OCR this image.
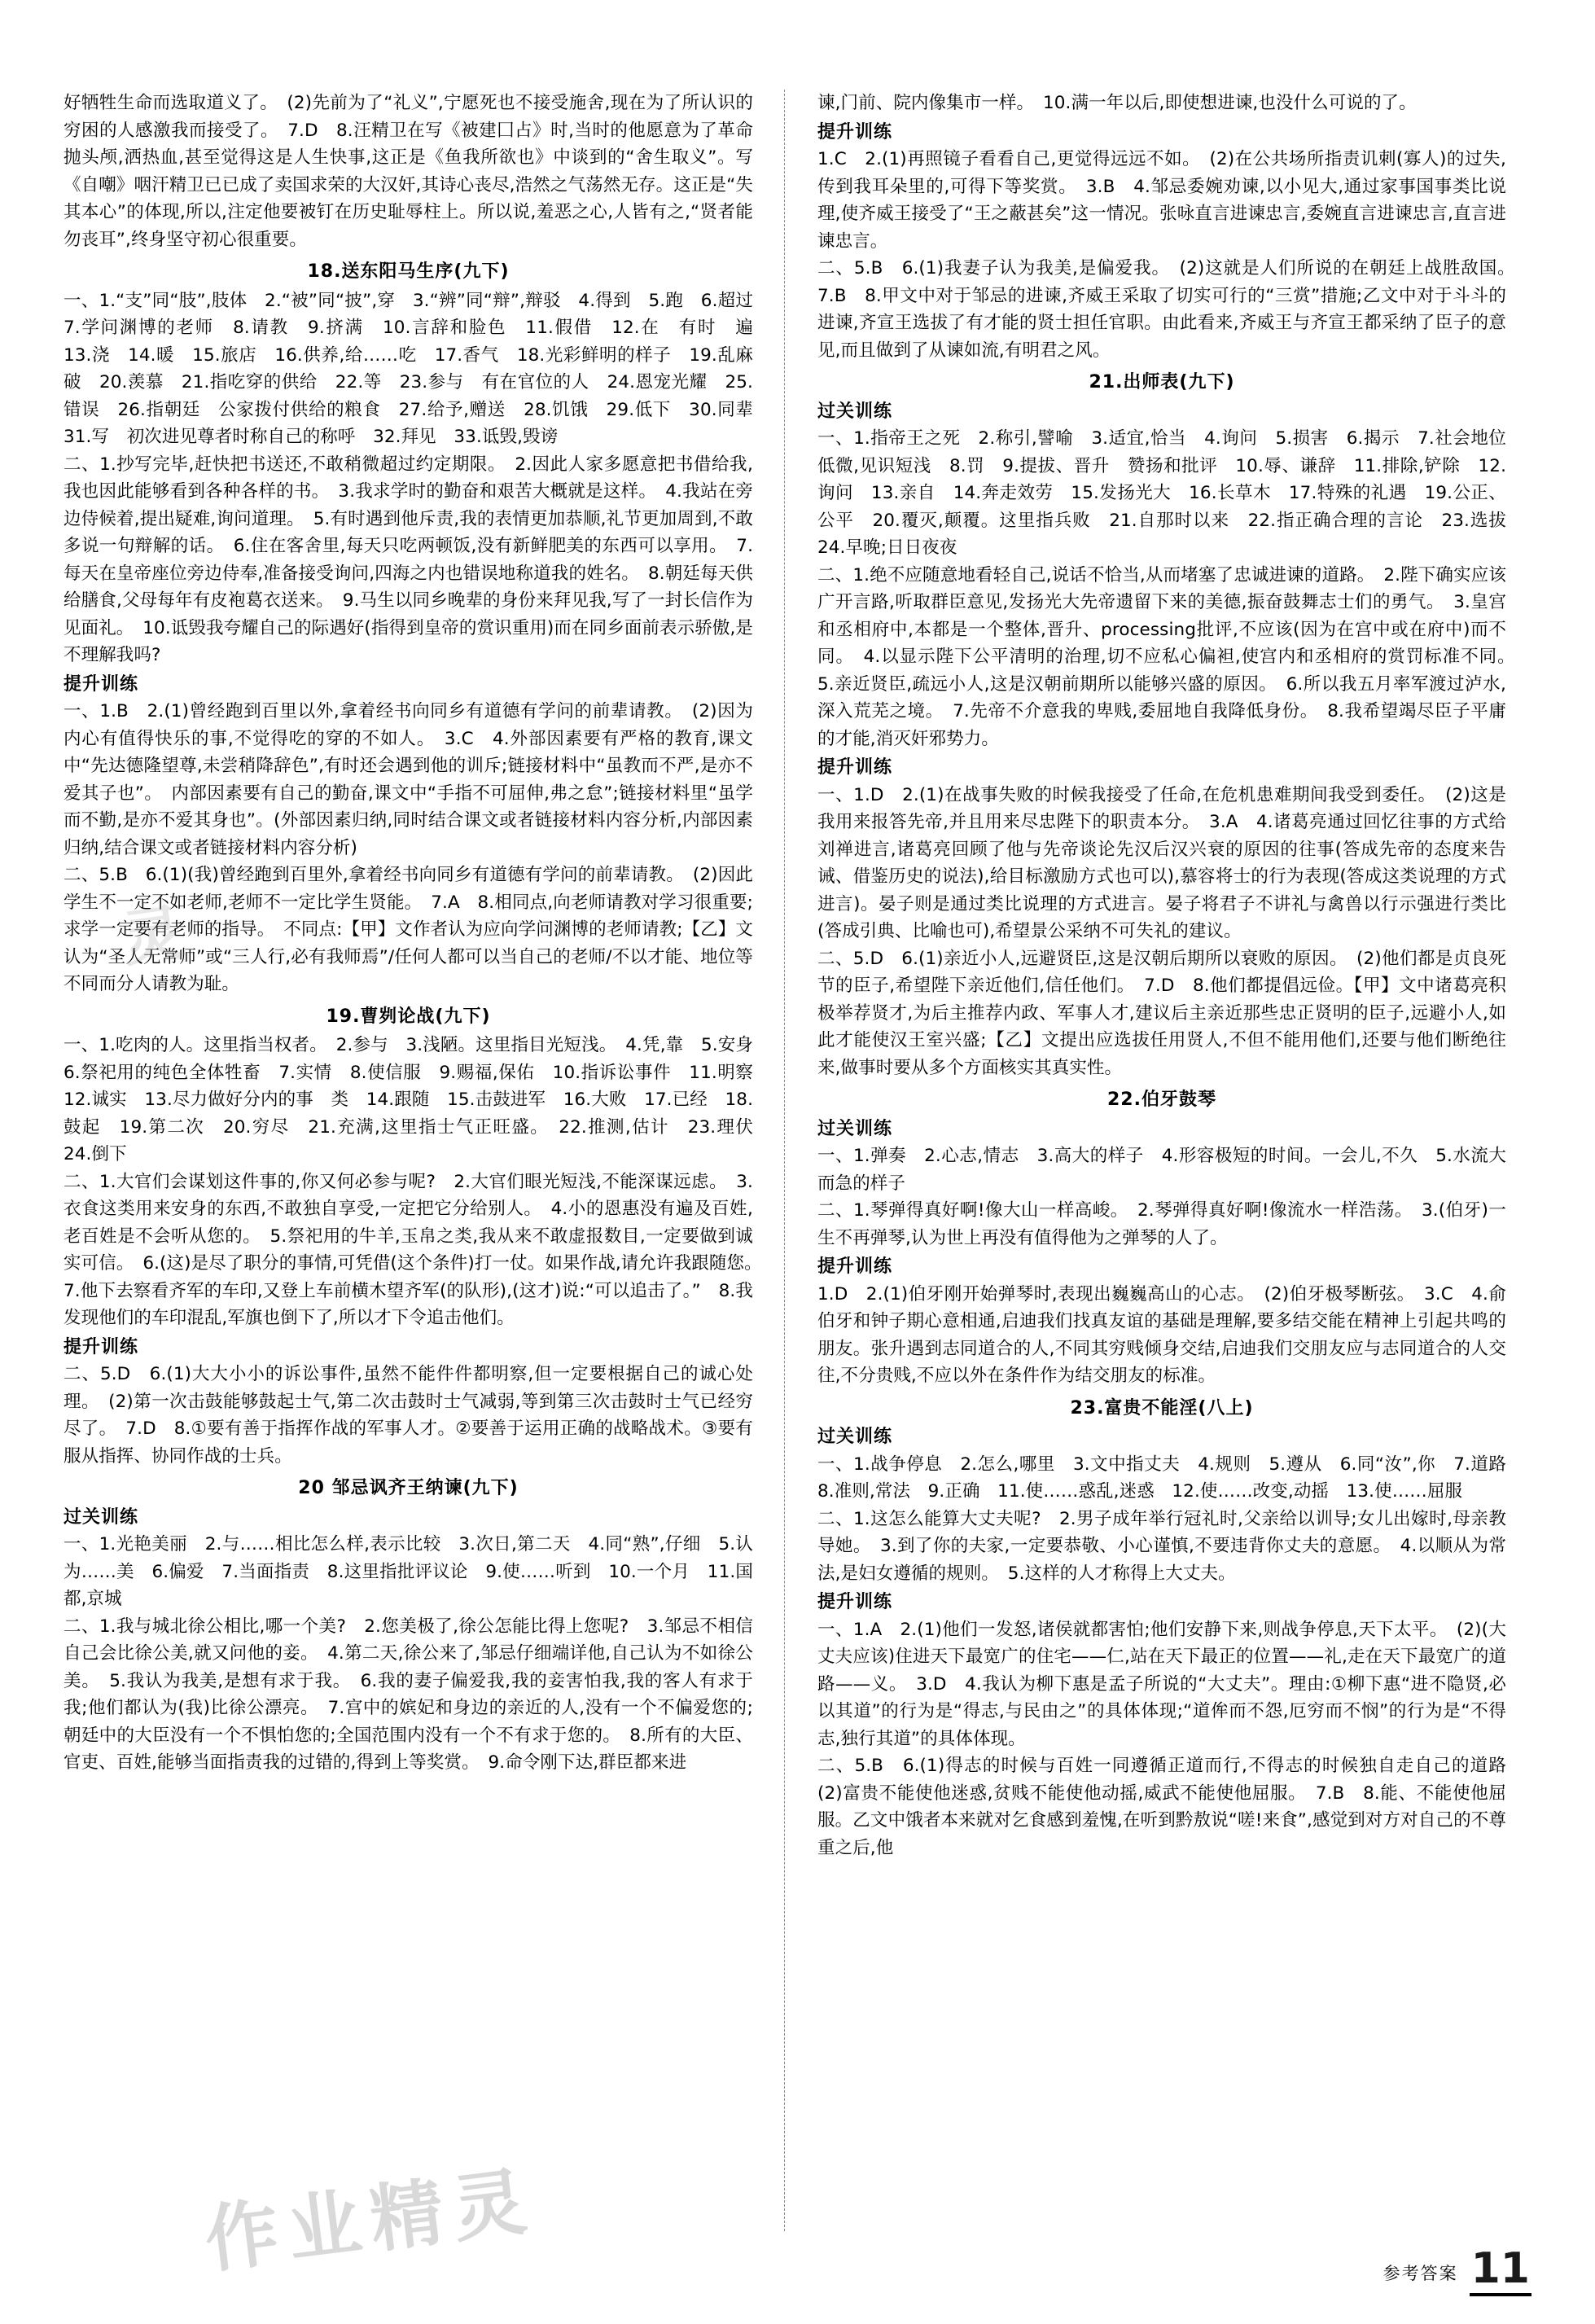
好牺牲生命而选取道义了。　(2)先前为了“礼义”,宁愿死也不接受施舍,现在为了所认识的穷困的人感激我而接受了。　7.D　8.汪精卫在写《被建囗占》时,当时的他愿意为了革命抛头颅,洒热血,甚至觉得这是人生快事,这正是《鱼我所欲也》中谈到的“舍生取义”。写《自嘲》咽汗精卫已已成了卖国求荣的大汉奸,其诗心丧尽,浩然之气荡然无存。这正是“失其本心”的体现,所以,注定他要被钉在历史耻辱柱上。所以说,羞恶之心,人皆有之,“贤者能勿丧耳”,终身坚守初心很重要。

18.送东阳马生序(九下)

一、1.“支”同“肢”,肢体　2.“被”同“披”,穿　3.“辨”同“辩”,辩驳　4.得到　5.跑　6.超过　7.学问渊博的老师　8.请教　9.挤满　10.言辞和脸色　11.假借　12.在　有时　遍　13.浇　14.暖　15.旅店　16.供养,给……吃　17.香气　18.光彩鲜明的样子　19.乱麻　破　20.羡慕　21.指吃穿的供给　22.等　23.参与　有在官位的人　24.恩宠光耀　25.错误　26.指朝廷　公家拨付供给的粮食　27.给予,赠送　28.饥饿　29.低下　30.同辈　31.写　初次进见尊者时称自己的称呼　32.拜见　33.诋毁,毁谤

二、1.抄写完毕,赶快把书送还,不敢稍微超过约定期限。　2.因此人家多愿意把书借给我,我也因此能够看到各种各样的书。　3.我求学时的勤奋和艰苦大概就是这样。　4.我站在旁边侍候着,提出疑难,询问道理。　5.有时遇到他斥责,我的表情更加恭顺,礼节更加周到,不敢多说一句辩解的话。　6.住在客舍里,每天只吃两顿饭,没有新鲜肥美的东西可以享用。　7.每天在皇帝座位旁边侍奉,准备接受询问,四海之内也错误地称道我的姓名。　8.朝廷每天供给膳食,父母每年有皮袍葛衣送来。　9.马生以同乡晚辈的身份来拜见我,写了一封长信作为见面礼。　10.诋毁我夸耀自己的际遇好(指得到皇帝的赏识重用)而在同乡面前表示骄傲,是不理解我吗?

提升训练

一、1.B　2.(1)曾经跑到百里以外,拿着经书向同乡有道德有学问的前辈请教。　(2)因为内心有值得快乐的事,不觉得吃的穿的不如人。　3.C　4.外部因素要有严格的教育,课文中“先达德隆望尊,未尝稍降辞色”,有时还会遇到他的训斥;链接材料中“虽教而不严,是亦不爱其子也”。　内部因素要有自己的勤奋,课文中“手指不可屈伸,弗之怠”;链接材料里“虽学而不勤,是亦不爱其身也”。(外部因素归纳,同时结合课文或者链接材料内容分析,内部因素归纳,结合课文或者链接材料内容分析)

二、5.B　6.(1)(我)曾经跑到百里外,拿着经书向同乡有道德有学问的前辈请教。　(2)因此学生不一定不如老师,老师不一定比学生贤能。　7.A　8.相同点,向老师请教对学习很重要;求学一定要有老师的指导。　不同点:【甲】文作者认为应向学问渊博的老师请教;【乙】文认为“圣人无常师”或“三人行,必有我师焉”/任何人都可以当自己的老师/不以才能、地位等不同而分人请教为耻。

19.曹刿论战(九下)

一、1.吃肉的人。这里指当权者。　2.参与　3.浅陋。这里指目光短浅。　4.凭,靠　5.安身　6.祭祀用的纯色全体牲畜　7.实情　8.使信服　9.赐福,保佑　10.指诉讼事件　11.明察　12.诚实　13.尽力做好分内的事　类　14.跟随　15.击鼓进军　16.大败　17.已经　18.鼓起　19.第二次　20.穷尽　21.充满,这里指士气正旺盛。　22.推测,估计　23.理伏　24.倒下

二、1.大官们会谋划这件事的,你又何必参与呢?　2.大官们眼光短浅,不能深谋远虑。　3.衣食这类用来安身的东西,不敢独自享受,一定把它分给别人。　4.小的恩惠没有遍及百姓,老百姓是不会听从您的。　5.祭祀用的牛羊,玉帛之类,我从来不敢虚报数目,一定要做到诚实可信。　6.(这)是尽了职分的事情,可凭借(这个条件)打一仗。如果作战,请允许我跟随您。　7.他下去察看齐军的车印,又登上车前横木望齐军(的队形),(这才)说:“可以追击了。”　8.我发现他们的车印混乱,军旗也倒下了,所以才下令追击他们。

提升训练

二、5.D　6.(1)大大小小的诉讼事件,虽然不能件件都明察,但一定要根据自己的诚心处理。　(2)第一次击鼓能够鼓起士气,第二次击鼓时士气减弱,等到第三次击鼓时士气已经穷尽了。　7.D　8.①要有善于指挥作战的军事人才。②要善于运用正确的战略战术。③要有服从指挥、协同作战的士兵。

20 邹忌讽齐王纳谏(九下)

过关训练

一、1.光艳美丽　2.与……相比怎么样,表示比较　3.次日,第二天　4.同“熟”,仔细　5.认为……美　6.偏爱　7.当面指责　8.这里指批评议论　9.使……听到　10.一个月　11.国都,京城

二、1.我与城北徐公相比,哪一个美?　2.您美极了,徐公怎能比得上您呢?　3.邹忌不相信自己会比徐公美,就又问他的妾。　4.第二天,徐公来了,邹忌仔细端详他,自己认为不如徐公美。　5.我认为我美,是想有求于我。　6.我的妻子偏爱我,我的妾害怕我,我的客人有求于我;他们都认为(我)比徐公漂亮。　7.宫中的嫔妃和身边的亲近的人,没有一个不偏爱您的;朝廷中的大臣没有一个不惧怕您的;全国范围内没有一个不有求于您的。　8.所有的大臣、官吏、百姓,能够当面指责我的过错的,得到上等奖赏。　9.命令刚下达,群臣都来进

谏,门前、院内像集市一样。　10.满一年以后,即使想进谏,也没什么可说的了。

提升训练

1.C　2.(1)再照镜子看看自己,更觉得远远不如。　(2)在公共场所指责讥刺(寡人)的过失,传到我耳朵里的,可得下等奖赏。　3.B　4.邹忌委婉劝谏,以小见大,通过家事国事类比说理,使齐威王接受了“王之蔽甚矣”这一情况。张咏直言进谏忠言,委婉直言进谏忠言,直言进谏忠言。

二、5.B　6.(1)我妻子认为我美,是偏爱我。　(2)这就是人们所说的在朝廷上战胜敌国。　7.B　8.甲文中对于邹忌的进谏,齐威王采取了切实可行的“三赏”措施;乙文中对于斗斗的进谏,齐宣王选拔了有才能的贤士担任官职。由此看来,齐威王与齐宣王都采纳了臣子的意见,而且做到了从谏如流,有明君之风。

21.出师表(九下)

过关训练

一、1.指帝王之死　2.称引,譬喻　3.适宜,恰当　4.询问　5.损害　6.揭示　7.社会地位低微,见识短浅　8.罚　9.提拔、晋升　赞扬和批评　10.辱、谦辞　11.排除,铲除　12.询问　13.亲自　14.奔走效劳　15.发扬光大　16.长草木　17.特殊的礼遇　19.公正、公平　20.覆灭,颠覆。这里指兵败　21.自那时以来　22.指正确合理的言论　23.选拔　24.早晚;日日夜夜

二、1.绝不应随意地看轻自己,说话不恰当,从而堵塞了忠诚进谏的道路。　2.陛下确实应该广开言路,听取群臣意见,发扬光大先帝遗留下来的美德,振奋鼓舞志士们的勇气。　3.皇宫和丞相府中,本都是一个整体,晋升、processing批评,不应该(因为在宫中或在府中)而不同。　4.以显示陛下公平清明的治理,切不应私心偏袒,使宫内和丞相府的赏罚标准不同。　5.亲近贤臣,疏远小人,这是汉朝前期所以能够兴盛的原因。　6.所以我五月率军渡过泸水,深入荒芜之境。　7.先帝不介意我的卑贱,委屈地自我降低身份。　8.我希望竭尽臣子平庸的才能,消灭奸邪势力。

提升训练

一、1.D　2.(1)在战事失败的时候我接受了任命,在危机患难期间我受到委任。　(2)这是我用来报答先帝,并且用来尽忠陛下的职责本分。　3.A　4.诸葛亮通过回忆往事的方式给刘禅进言,诸葛亮回顾了他与先帝谈论先汉后汉兴衰的原因的往事(答成先帝的态度来告诫、借鉴历史的说法),给目标激励方式也可以),慕容将士的行为表现(答成这类说理的方式进言)。晏子则是通过类比说理的方式进言。晏子将君子不讲礼与禽兽以行示强进行类比(答成引典、比喻也可),希望景公采纳不可失礼的建议。

二、5.D　6.(1)亲近小人,远避贤臣,这是汉朝后期所以衰败的原因。　(2)他们都是贞良死节的臣子,希望陛下亲近他们,信任他们。　7.D　8.他们都提倡远俭。【甲】文中诸葛亮积极举荐贤才,为后主推荐内政、军事人才,建议后主亲近那些忠正贤明的臣子,远避小人,如此才能使汉王室兴盛;【乙】文提出应选拔任用贤人,不但不能用他们,还要与他们断绝往来,做事时要从多个方面核实其真实性。

22.伯牙鼓琴

过关训练

一、1.弹奏　2.心志,情志　3.高大的样子　4.形容极短的时间。一会儿,不久　5.水流大而急的样子

二、1.琴弹得真好啊!像大山一样高峻。　2.琴弹得真好啊!像流水一样浩荡。　3.(伯牙)一生不再弹琴,认为世上再没有值得他为之弹琴的人了。

提升训练

1.D　2.(1)伯牙刚开始弹琴时,表现出巍巍高山的心志。　(2)伯牙极琴断弦。　3.C　4.俞伯牙和钟子期心意相通,启迪我们找真友谊的基础是理解,要多结交能在精神上引起共鸣的朋友。张升遇到志同道合的人,不同其穷贱倾身交结,启迪我们交朋友应与志同道合的人交往,不分贵贱,不应以外在条件作为结交朋友的标准。

23.富贵不能淫(八上)

过关训练

一、1.战争停息　2.怎么,哪里　3.文中指丈夫　4.规则　5.遵从　6.同“汝”,你　7.道路　8.准则,常法　9.正确　11.使……惑乱,迷惑　12.使……改变,动摇　13.使……屈服

二、1.这怎么能算大丈夫呢?　2.男子成年举行冠礼时,父亲给以训导;女儿出嫁时,母亲教导她。　3.到了你的夫家,一定要恭敬、小心谨慎,不要违背你丈夫的意愿。　4.以顺从为常法,是妇女遵循的规则。　5.这样的人才称得上大丈夫。

提升训练

一、1.A　2.(1)他们一发怒,诸侯就都害怕;他们安静下来,则战争停息,天下太平。　(2)(大丈夫应该)住进天下最宽广的住宅——仁,站在天下最正的位置——礼,走在天下最宽广的道路——义。　3.D　4.我认为柳下惠是孟子所说的“大丈夫”。理由:①柳下惠“进不隐贤,必以其道”的行为是“得志,与民由之”的具体体现;“道侔而不怨,厄穷而不悯”的行为是“不得志,独行其道”的具体体现。

二、5.B　6.(1)得志的时候与百姓一同遵循正道而行,不得志的时候独自走自己的道路　(2)富贵不能使他迷惑,贫贱不能使他动摇,威武不能使他屈服。　7.B　8.能、不能使他屈服。乙文中饿者本来就对乞食感到羞愧,在听到黔敖说“嗟!来食”,感觉到对方对自己的不尊重之后,他

作业精灵
灵
参考答案 11
